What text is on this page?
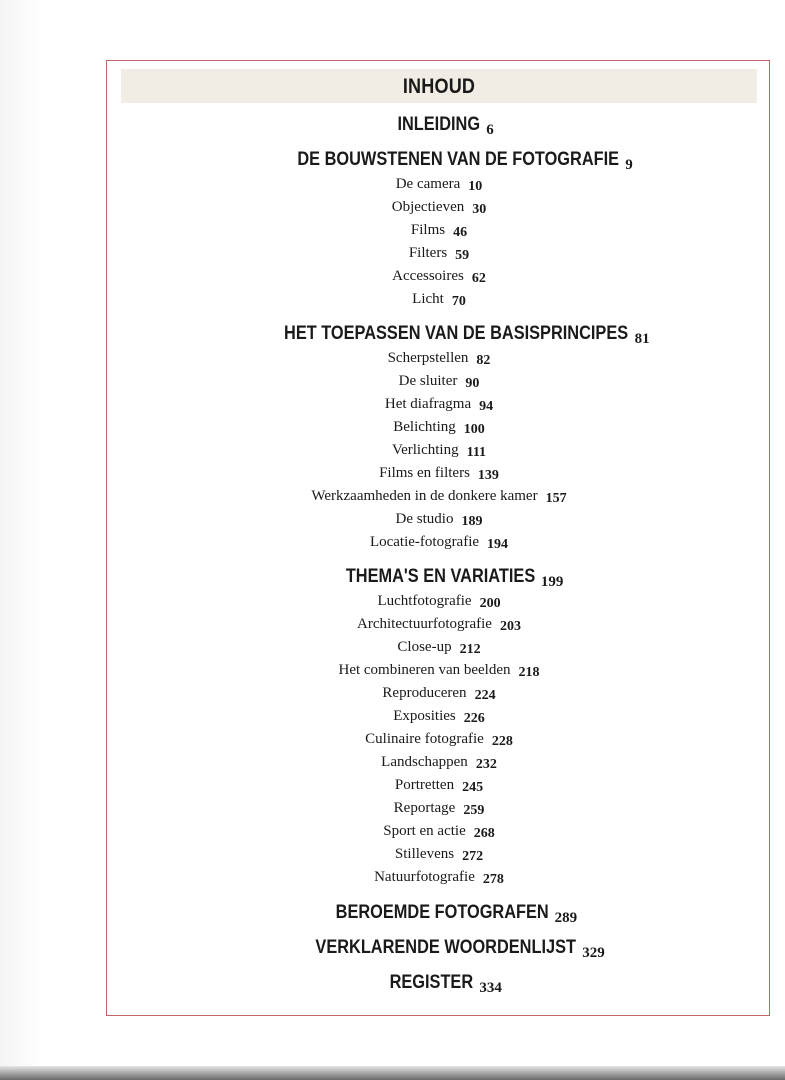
INHOUD
INLEIDING 6
DE BOUWSTENEN VAN DE FOTOGRAFIE 9
De camera 10
Objectieven 30
Films 46
Filters 59
Accessoires 62
Licht 70
HET TOEPASSEN VAN DE BASISPRINCIPES 81
Scherpstellen 82
De sluiter 90
Het diafragma 94
Belichting 100
Verlichting 111
Films en filters 139
Werkzaamheden in de donkere kamer 157
De studio 189
Locatie-fotografie 194
THEMA'S EN VARIATIES 199
Luchtfotografie 200
Architectuurfotografie 203
Close-up 212
Het combineren van beelden 218
Reproduceren 224
Exposities 226
Culinaire fotografie 228
Landschappen 232
Portretten 245
Reportage 259
Sport en actie 268
Stillevens 272
Natuurfotografie 278
BEROEMDE FOTOGRAFEN 289
VERKLARENDE WOORDENLIJST 329
REGISTER 334
